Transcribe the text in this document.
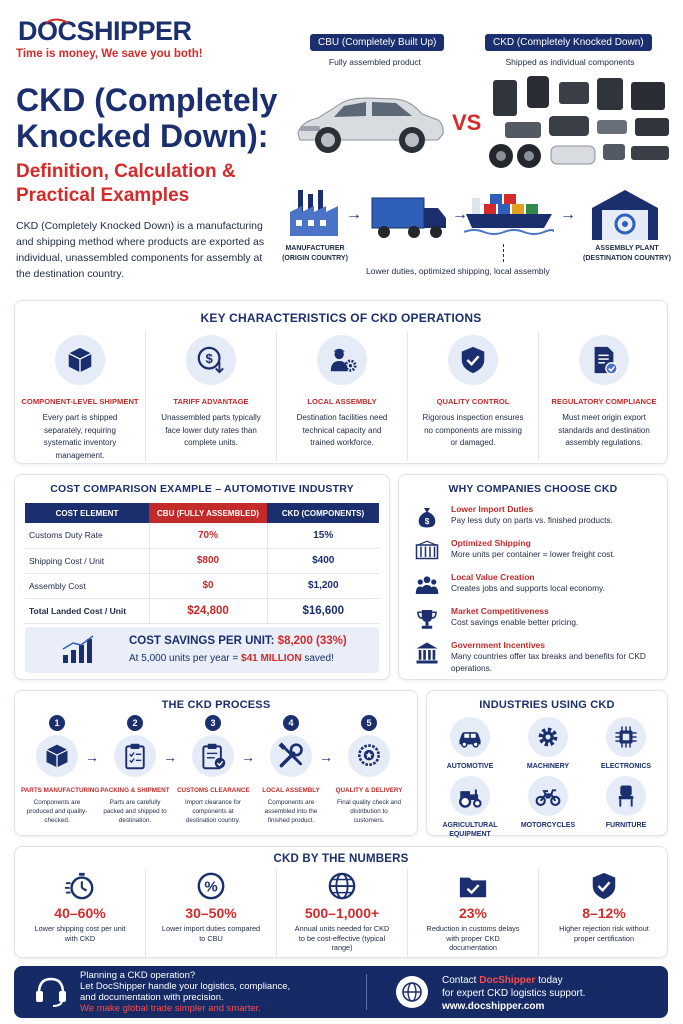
DOCSHIPPER
Time is money, We save you both!
CKD (Completely Knocked Down):
Definition, Calculation & Practical Examples
CKD (Completely Knocked Down) is a manufacturing and shipping method where products are exported as individual, unassembled components for assembly at the destination country.
CBU (Completely Built Up)
Fully assembled product
CKD (Completely Knocked Down)
Shipped as individual components
VS
→	→	→
MANUFACTURER
(ORIGIN COUNTRY)
ASSEMBLY PLANT
(DESTINATION COUNTRY)
Lower duties, optimized shipping, local assembly
KEY CHARACTERISTICS OF CKD OPERATIONS
COMPONENT-LEVEL SHIPMENT
Every part is shipped separately, requiring systematic inventory management.
$
TARIFF ADVANTAGE
Unassembled parts typically face lower duty rates than complete units.
LOCAL ASSEMBLY
Destination facilities need technical capacity and trained workforce.
QUALITY CONTROL
Rigorous inspection ensures no components are missing or damaged.
REGULATORY COMPLIANCE
Must meet origin export standards and destination assembly regulations.
COST COMPARISON EXAMPLE – AUTOMOTIVE INDUSTRY
COST ELEMENT	CBU (FULLY ASSEMBLED)	CKD (COMPONENTS)
Customs Duty Rate	70%	15%
Shipping Cost / Unit	$800	$400
Assembly Cost	$0	$1,200
Total Landed Cost / Unit	$24,800	$16,600
COST SAVINGS PER UNIT: $8,200 (33%)
At 5,000 units per year = $41 MILLION saved!
WHY COMPANIES CHOOSE CKD
$
Lower Import Duties
Pay less duty on parts vs. finished products.
Optimized Shipping
More units per container = lower freight cost.
Local Value Creation
Creates jobs and supports local economy.
Market Competitiveness
Cost savings enable better pricing.
Government Incentives
Many countries offer tax breaks and benefits for CKD operations.
THE CKD PROCESS
1
PARTS MANUFACTURING
Components are produced and quality-checked.
→
2
PACKING & SHIPMENT
Parts are carefully packed and shipped to destination.
→
3
CUSTOMS CLEARANCE
Import clearance for components at destination country.
→
4
LOCAL ASSEMBLY
Components are assembled into the finished product.
→
5
QUALITY & DELIVERY
Final quality check and distribution to customers.
INDUSTRIES USING CKD
AUTOMOTIVE	MACHINERY	ELECTRONICS
AGRICULTURAL EQUIPMENT
MOTORCYCLES	FURNITURE
CKD BY THE NUMBERS
40–60%
Lower shipping cost per unit with CKD
%
30–50%
Lower import duties compared to CBU
500–1,000+
Annual units needed for CKD to be cost-effective (typical range)
23%
Reduction in customs delays with proper CKD documentation
8–12%
Higher rejection risk without proper certification
Planning a CKD operation?
Let DocShipper handle your logistics, compliance,
and documentation with precision.
We make global trade simpler and smarter.
Contact DocShipper today
for expert CKD logistics support.
www.docshipper.com
